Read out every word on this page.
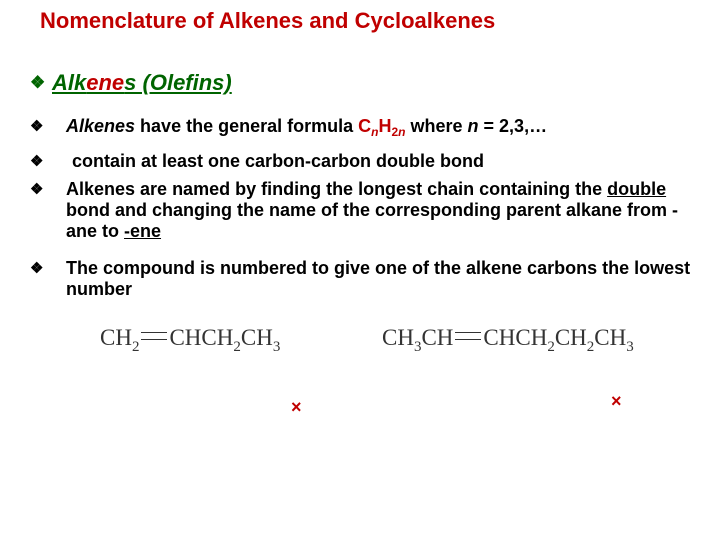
Nomenclature of Alkenes and Cycloalkenes
❖ Alkenes (Olefins)
❖ Alkenes have the general formula $C_nH_{2n}$ where n = 2,3,…
❖ contain at least one carbon-carbon double bond
❖ Alkenes are named by finding the longest chain containing the double bond and changing the name of the corresponding parent alkane from -ane to -ene
❖ The compound is numbered to give one of the alkene carbons the lowest number
$CH_2$ $CHCH_2CH_3$	$CH_3CH$ $CHCH_2CH_2CH_3$
×	×
